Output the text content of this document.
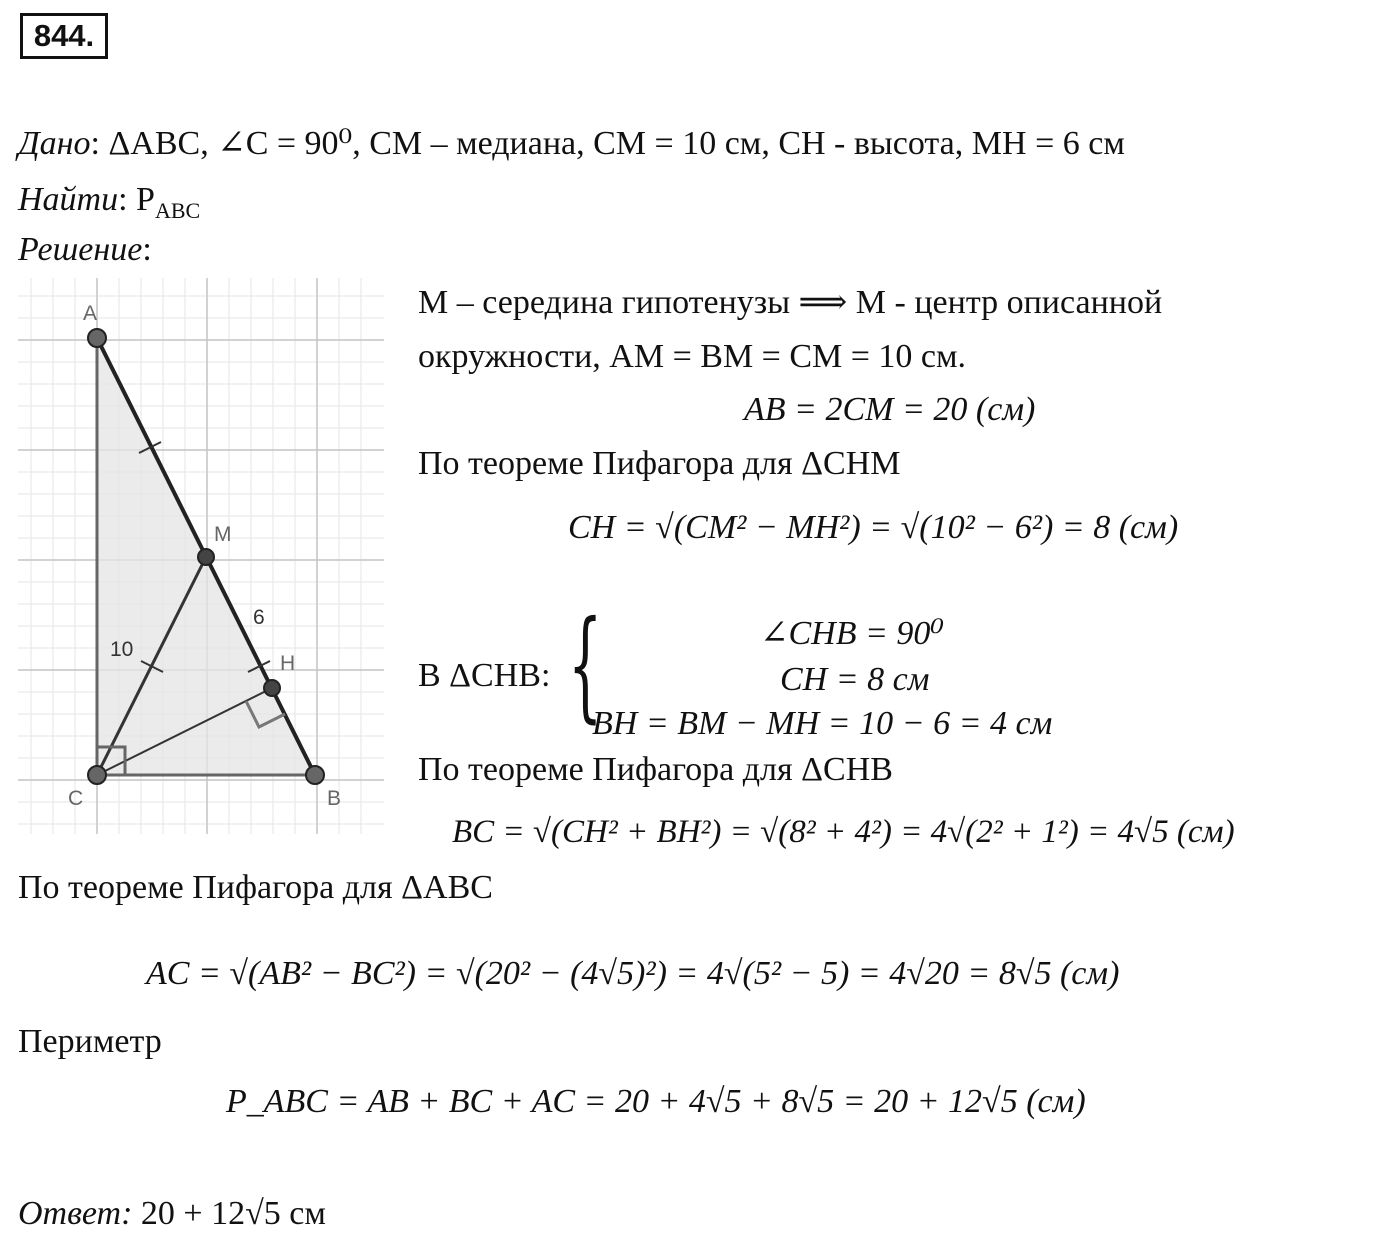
844.
Дано: ΔABC, ∠C = 90⁰, CM – медиана, CM = 10 см, CH - высота, MH = 6 см
Найти: $P_{ABC}$
Решение:
A
M
H
C	B
10
6
M – середина гипотенузы ⟹ M - центр описанной
окружности, AM = BM = CM = 10 см.
AB = 2CM = 20 (см)
По теореме Пифагора для ΔCHM
CH = √(CM² − MH²) = √(10² − 6²) = 8 (см)
В ΔCHB: {	∠CHB = 90⁰
CH = 8 см
BH = BM − MH = 10 − 6 = 4 см
По теореме Пифагора для ΔCHB
BC = √(CH² + BH²) = √(8² + 4²) = 4√(2² + 1²) = 4√5 (см)
По теореме Пифагора для ΔABC
AC = √(AB² − BC²) = √(20² − (4√5)²) = 4√(5² − 5) = 4√20 = 8√5 (см)
Периметр
P_ABC = AB + BC + AC = 20 + 4√5 + 8√5 = 20 + 12√5 (см)
Ответ: 20 + 12√5 см
